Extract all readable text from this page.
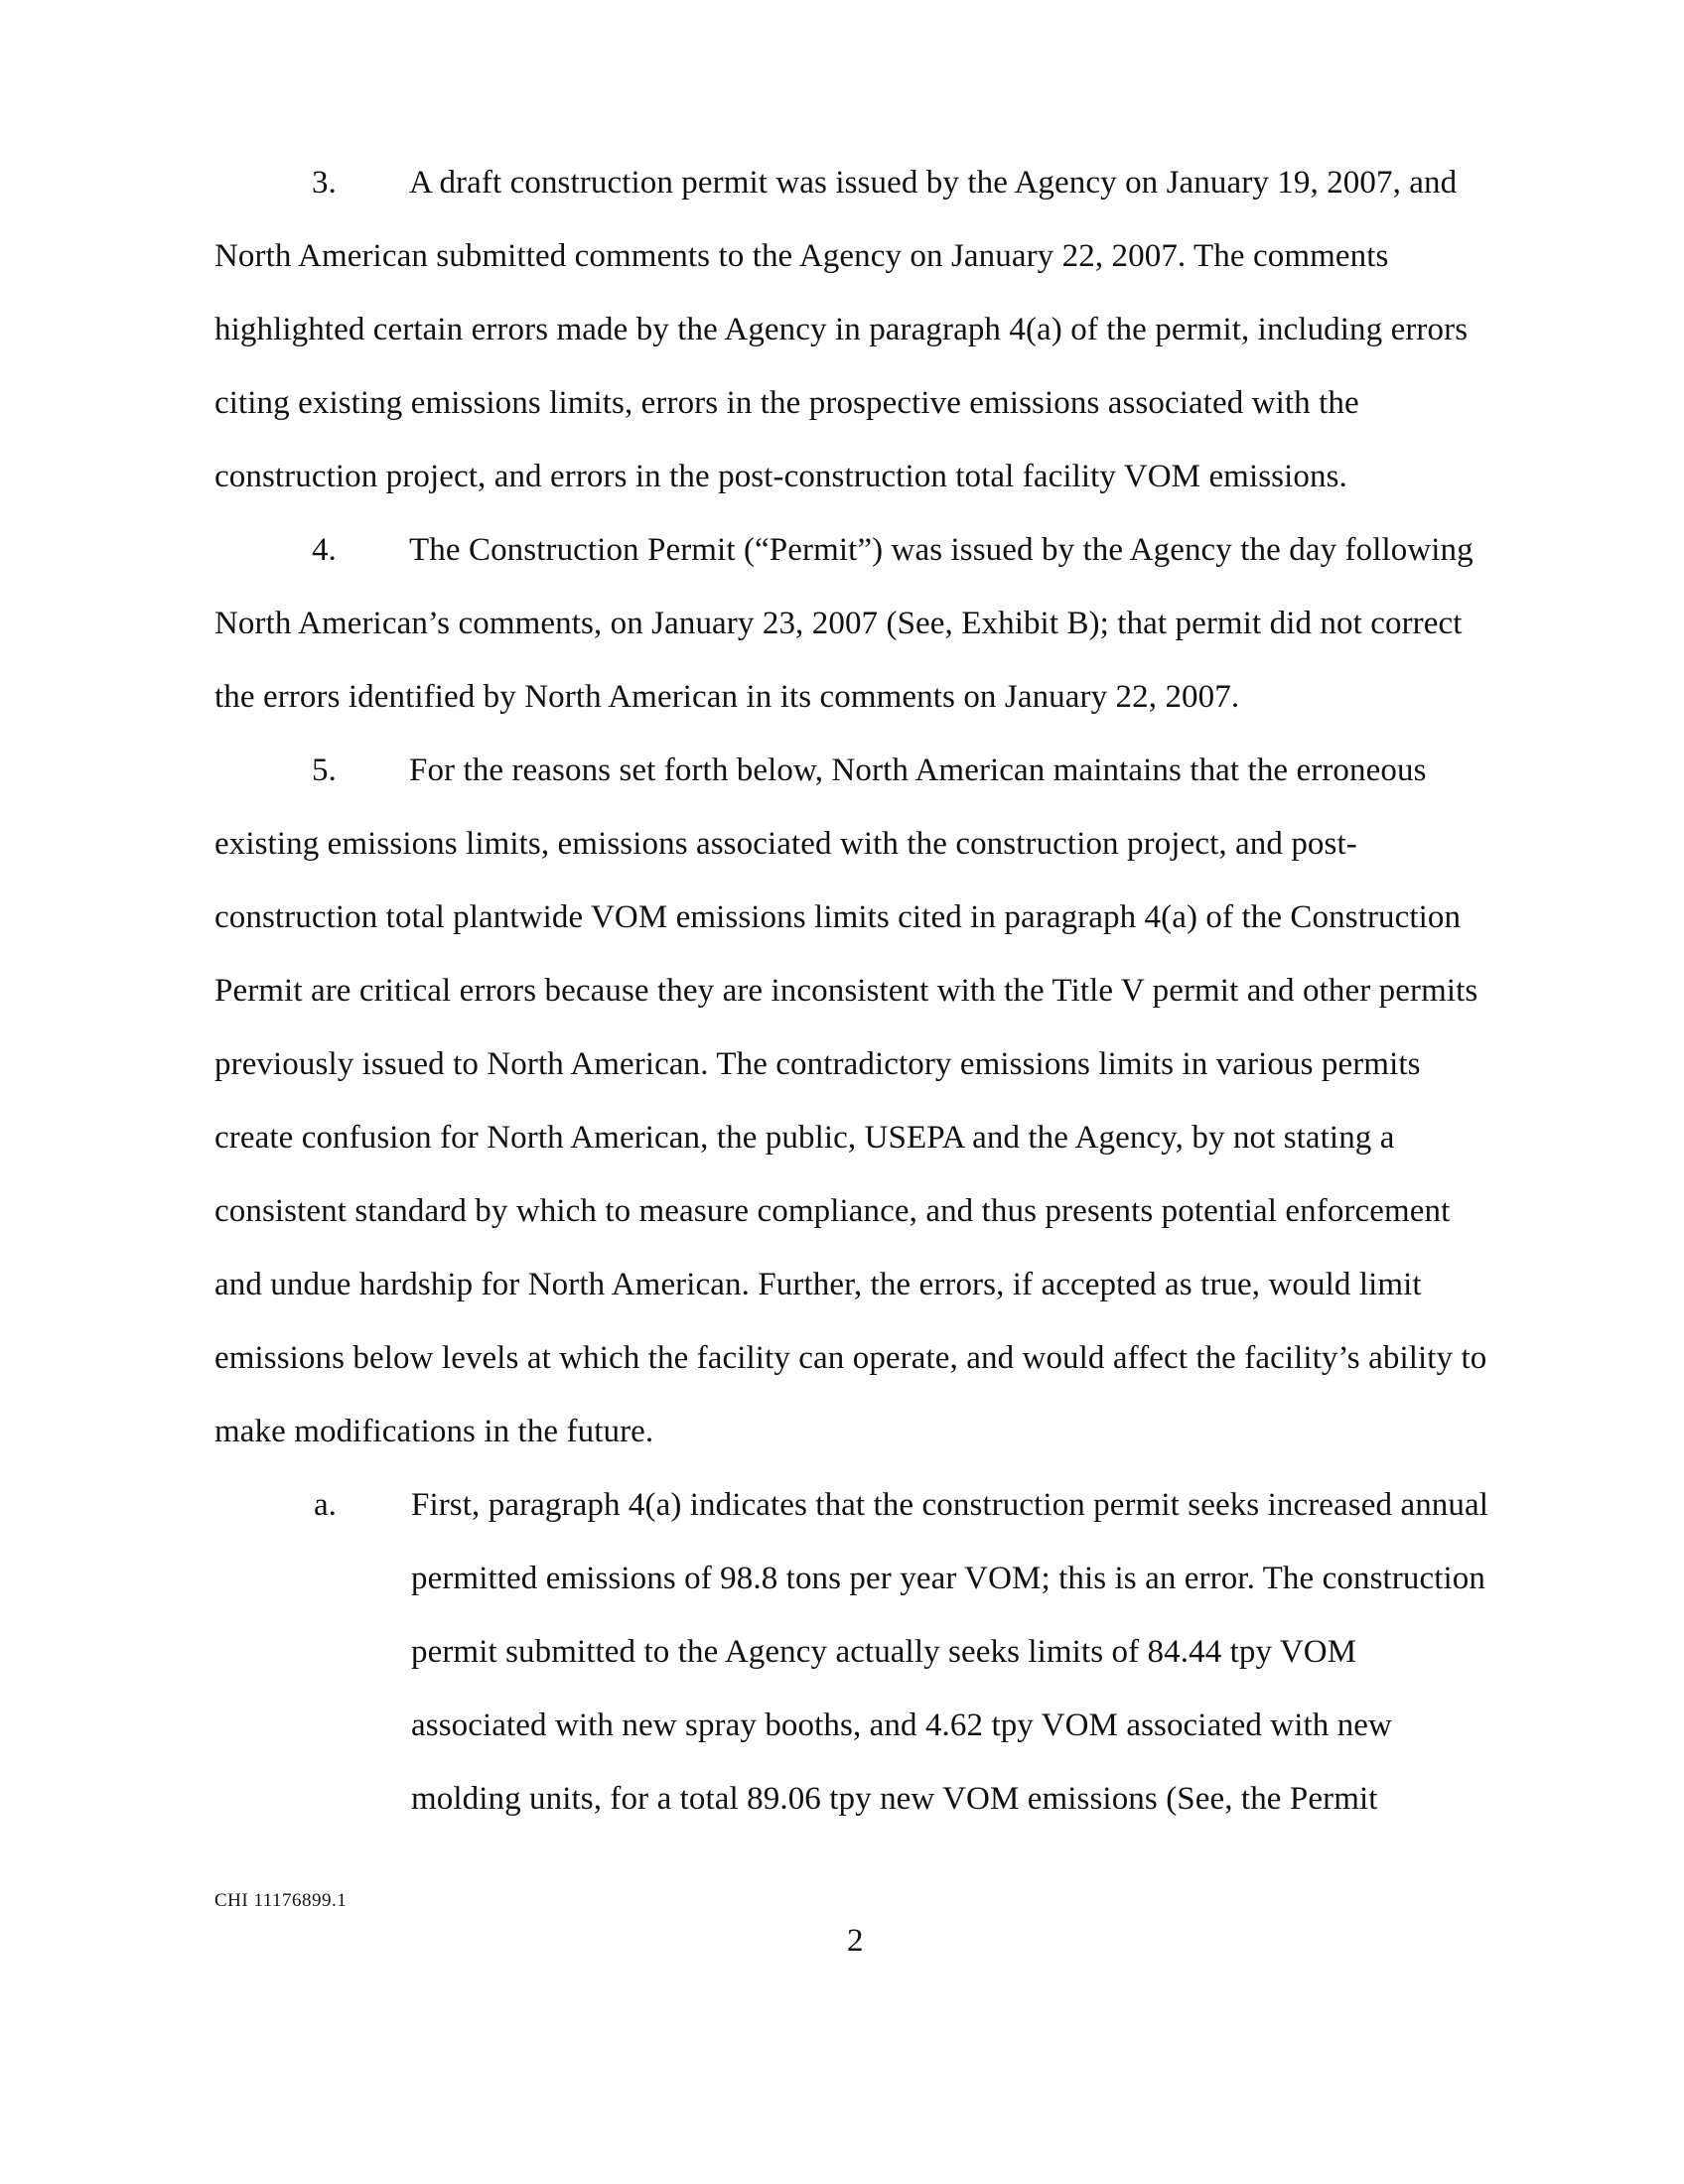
3. A draft construction permit was issued by the Agency on January 19, 2007, and
North American submitted comments to the Agency on January 22, 2007. The comments
highlighted certain errors made by the Agency in paragraph 4(a) of the permit, including errors
citing existing emissions limits, errors in the prospective emissions associated with the
construction project, and errors in the post-construction total facility VOM emissions.
4. The Construction Permit (“Permit”) was issued by the Agency the day following
North American’s comments, on January 23, 2007 (See, Exhibit B); that permit did not correct
the errors identified by North American in its comments on January 22, 2007.
5. For the reasons set forth below, North American maintains that the erroneous
existing emissions limits, emissions associated with the construction project, and post-
construction total plantwide VOM emissions limits cited in paragraph 4(a) of the Construction
Permit are critical errors because they are inconsistent with the Title V permit and other permits
previously issued to North American. The contradictory emissions limits in various permits
create confusion for North American, the public, USEPA and the Agency, by not stating a
consistent standard by which to measure compliance, and thus presents potential enforcement
and undue hardship for North American. Further, the errors, if accepted as true, would limit
emissions below levels at which the facility can operate, and would affect the facility’s ability to
make modifications in the future.
a. First, paragraph 4(a) indicates that the construction permit seeks increased annual
permitted emissions of 98.8 tons per year VOM; this is an error. The construction
permit submitted to the Agency actually seeks limits of 84.44 tpy VOM
associated with new spray booths, and 4.62 tpy VOM associated with new
molding units, for a total 89.06 tpy new VOM emissions (See, the Permit
CHI 11176899.1
2
